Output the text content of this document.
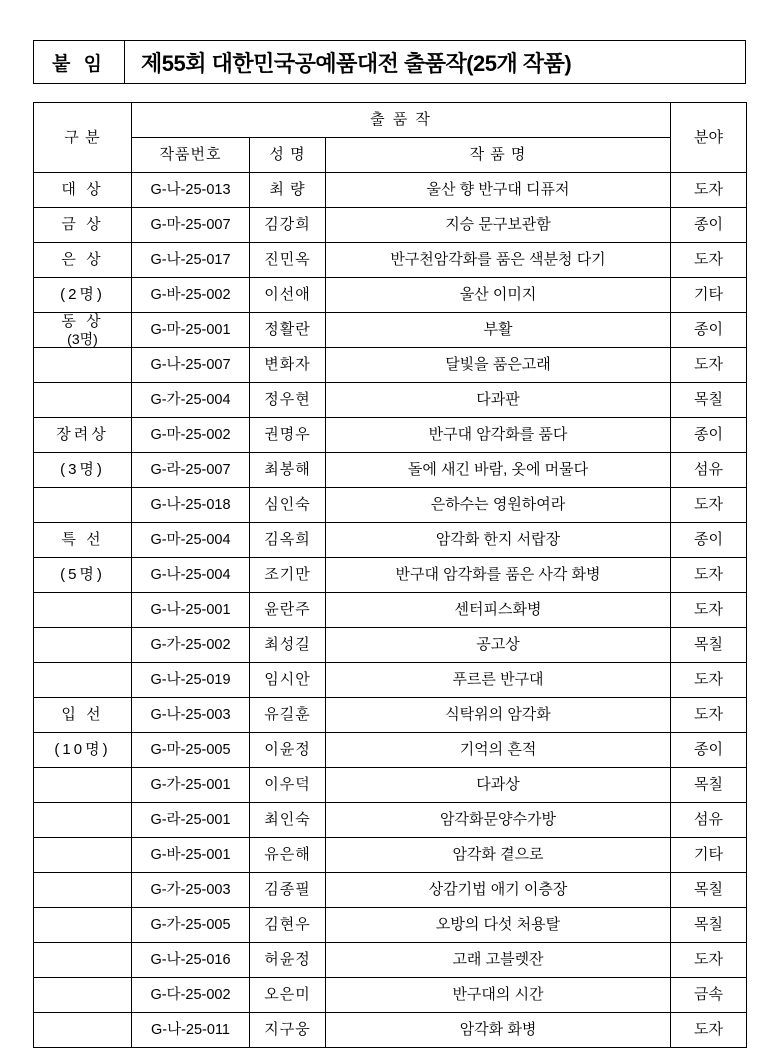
붙 임	제55회 대한민국공예품대전 출품작(25개 작품)
구 분	출 품 작			분야
	작품번호	성 명	작 품 명	

대 상	G-나-25-013	최 량	울산 향 반구대 디퓨저	도자

금 상	G-마-25-007	김강희	지승 문구보관함	종이

은 상	G-나-25-017	진민옥	반구천암각화를 품은 색분청 다기	도자

(2명)	G-바-25-002	이선애	울산 이미지	기타

동 상
(3명)	G-마-25-001	정활란	부활	종이

	G-나-25-007	변화자	달빛을 품은고래	도자

	G-가-25-004	정우현	다과판	목칠

장려상	G-마-25-002	권명우	반구대 암각화를 품다	종이

(3명)	G-라-25-007	최봉해	돌에 새긴 바람, 옷에 머물다	섬유

	G-나-25-018	심인숙	은하수는 영원하여라	도자

특 선	G-마-25-004	김옥희	암각화 한지 서랍장	종이

(5명)	G-나-25-004	조기만	반구대 암각화를 품은 사각 화병	도자

	G-나-25-001	윤란주	센터피스화병	도자

	G-가-25-002	최성길	공고상	목칠

	G-나-25-019	임시안	푸르른 반구대	도자

입 선	G-나-25-003	유길훈	식탁위의 암각화	도자

(10명)	G-마-25-005	이윤정	기억의 흔적	종이

	G-가-25-001	이우덕	다과상	목칠

	G-라-25-001	최인숙	암각화문양수가방	섬유

	G-바-25-001	유은해	암각화 곁으로	기타

	G-가-25-003	김종필	상감기법 애기 이층장	목칠

	G-가-25-005	김현우	오방의 다섯 처용탈	목칠

	G-나-25-016	허윤정	고래 고블렛잔	도자

	G-다-25-002	오은미	반구대의 시간	금속

	G-나-25-011	지구웅	암각화 화병	도자
